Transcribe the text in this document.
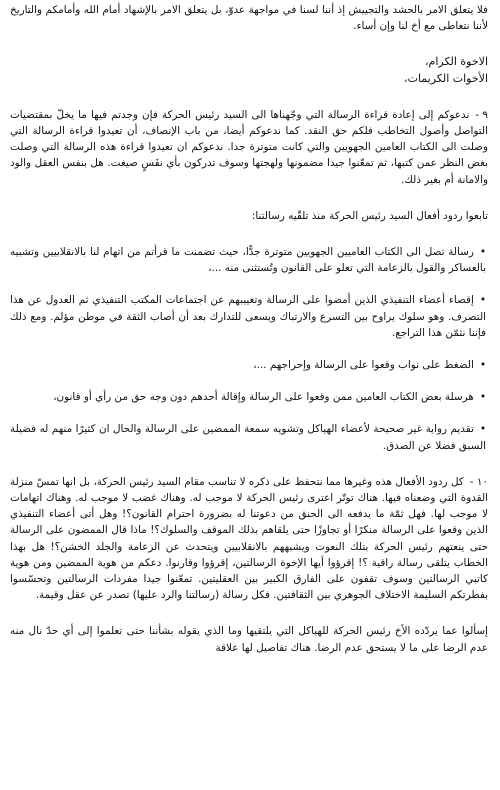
فلا يتعلق الامر بالحشد والتجييش إذ أننا لسنا في مواجهة عدوّ، بل يتعلق الامر بالإشهاد أمام الله وأمامكم والتاريخ لأننا نتعاطى مع أخ لنا وإن أساء.

الاخوة الكرام،

الأخوات الكريمات،

٩ -ندعوكم إلى إعادة قراءة الرسالة التي وجّهناها الى السيد رئيس الحركة فإن وجدتم فيها ما يخلّ بمقتضيات التواصل وأصول التخاطب فلكم حق النقد. كما ندعوكم أيضا، من باب الإنصاف، أن تعيدوا قراءة الرسالة التي وصلت الى الكتاب العامين الجهويين والتي كانت متوترة جدا. ندعوكم ان تعيدوا قراءة هذه الرسالة التي وصلت بغض النظر عمن كتبها، ثم تمعّنوا جيدا مضمونها ولهجتها وسوف تدركون بأي نفَسٍ صيغت. هل بنفس العقل والود والامانة أم بغير ذلك.

تابعوا ردود أفعال السيد رئيس الحركة منذ تلقّيه رسالتنا:

•رسالة تصل الى الكتاب العاميين الجهويين متوترة جدًّا، حيث تضمنت ما قرأتم من اتهام لنا بالانقلابيين وتشبيه بالعساكر والقول بالزعامة التي تعلو على القانون وتُستثنى منه ...،

•إقصاء أعضاء التنفيذي الذين أمضوا على الرسالة وتغييبهم عن اجتماعات المكتب التنفيذي ثم العدول عن هذا التصرف. وهو سلوك يراوح بين التسرع والارتباك ويسعى للتدارك بعد أن أصاب الثقة في موطن مؤلم. ومع ذلك فإننا نثمّن هذا التراجع.

•الضغط على نواب وقعوا على الرسالة وإحراجهم ...،

•هرسلة بعض الكتاب العامين ممن وقعوا على الرسالة وإقالة أحدهم دون وجه حق من رأي أو قانون،

•تقديم رواية غير صحيحة لأعضاء الهياكل وتشويه سمعة الممضين على الرسالة والحال ان كثيرًا منهم له فضيلة السبق فضلا عن الصدق.

١٠ -كل ردود الأفعال هذه وغيرها مما نتحفظ على ذكره لا تناسب مقام السيد رئيس الحركة، بل انها تمسّ منزلة القدوة التي وضعناه فيها. هناك توتّر اعترى رئيس الحركة لا موجب له. وهناك غضب لا موجب له. وهناك اتهامات لا موجب لها. فهل ثمّة ما يدفعه الى الحنق من دعوتنا له بضرورة احترام القانون؟! وهل أتى أعضاء التنفيذي الذين وقعوا على الرسالة منكرًا أو تجاوزًا حتى يلقاهم بذلك الموقف والسلوك؟! ماذا قال الممضون على الرسالة حتى ينعتهم رئيس الحركة بتلك النعوت ويشبههم بالانقلابيين ويتحدث عن الزعامة والجلد الخشن؟! هل بهذا الخطاب يتلقى رسالة راقية ؟! إقرؤوا أيها الإخوة الرسالتين، إقرؤوا وقارنوا. دعكم من هوية الممضين ومن هوية كاتبي الرسالتين وسوف تقفون على الفارق الكبير بين العقليتين. تمعّنوا جيدا مفردات الرسالتين وتحسّسوا بفطرتكم السليمة الاختلاف الجوهري بين الثقافتين. فكل رسالة (رسالتنا والرد عليها) تصدر عن عقل وقيمة.

إسألوا عما يردّده الأخ رئيس الحركة للهياكل التي يلتقيها وما الذي يقوله بشأننا حتى تعلموا إلى أي حدّ نال منه عدم الرضا على ما لا يستحق عدم الرضا. هناك تفاصيل لها علاقة
